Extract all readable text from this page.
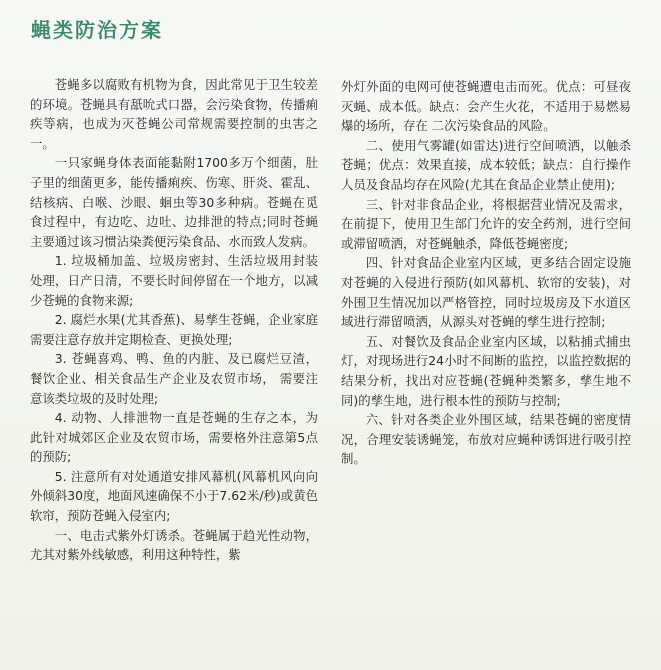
蝇类防治方案

苍蝇多以腐败有机物为食，因此常见于卫生较差的环境。苍蝇具有舐吮式口器，会污染食物，传播痢疾等病，也成为灭苍蝇公司常规需要控制的虫害之一。

一只家蝇身体表面能黏附1700多万个细菌，肚子里的细菌更多，能传播痢疾、伤寒、肝炎、霍乱、结核病、白喉、沙眼、蛔虫等30多种病。苍蝇在觅食过程中，有边吃、边吐、边排泄的特点;同时苍蝇主要通过该习惯沾染粪便污染食品、水而致人发病。

1. 垃圾桶加盖、垃圾房密封、生活垃圾用封装处理，日产日清，不要长时间停留在一个地方，以减少苍蝇的食物来源;

2. 腐烂水果(尤其香蕉)、易孳生苍蝇，企业家庭需要注意存放并定期检查、更换处理;

3. 苍蝇喜鸡、鸭、鱼的内脏、及已腐烂豆渣，餐饮企业、相关食品生产企业及农贸市场， 需要注意该类垃圾的及时处理;

4. 动物、人排泄物一直是苍蝇的生存之本，为此针对城郊区企业及农贸市场，需要格外注意第5点的预防;

5. 注意所有对处通道安排风幕机(风幕机风向向外倾斜30度，地面风速确保不小于7.62米/秒)或黄色软帘，预防苍蝇入侵室内;

一、电击式紫外灯诱杀。苍蝇属于趋光性动物，尤其对紫外线敏感，利用这种特性，紫

外灯外面的电网可使苍蝇遭电击而死。优点：可昼夜灭蝇、成本低。缺点：会产生火花，不适用于易燃易爆的场所，存在 二次污染食品的风险。

二、使用气雾罐(如雷达)进行空间喷洒，以触杀苍蝇；优点：效果直接，成本较低；缺点：自行操作人员及食品均存在风险(尤其在食品企业禁止使用);

三、针对非食品企业，将根据营业情况及需求，在前提下，使用卫生部门允许的安全药剂，进行空间或滞留喷洒，对苍蝇触杀，降低苍蝇密度;

四、针对食品企业室内区域，更多结合固定设施对苍蝇的入侵进行预防(如风幕机、软帘的安装)，对外围卫生情况加以严格管控，同时垃圾房及下水道区域进行滞留喷洒，从源头对苍蝇的孳生进行控制;

五、对餐饮及食品企业室内区域，以粘捕式捕虫灯，对现场进行24小时不间断的监控，以监控数据的结果分析，找出对应苍蝇(苍蝇种类繁多，孳生地不同)的孳生地，进行根本性的预防与控制;

六、针对各类企业外围区域，结果苍蝇的密度情况，合理安装诱蝇笼，布放对应蝇种诱饵进行吸引控制。
